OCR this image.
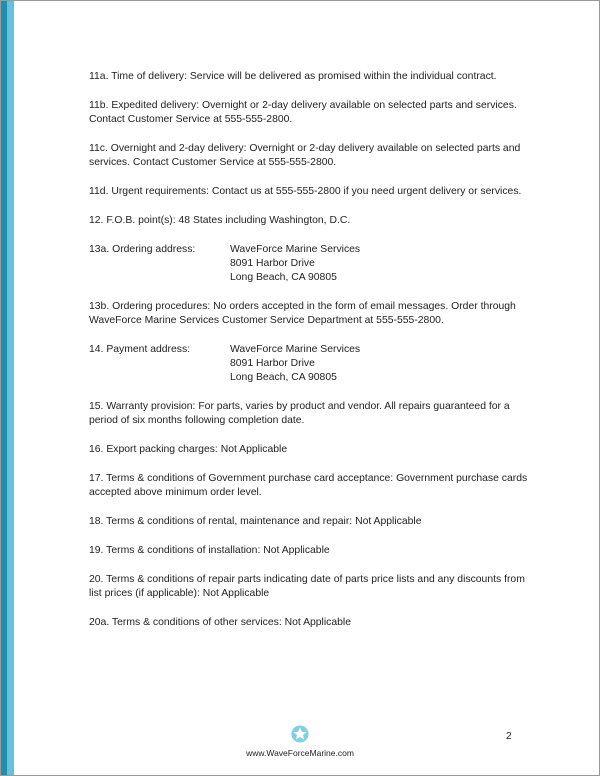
11a. Time of delivery: Service will be delivered as promised within the individual contract.

11b. Expedited delivery: Overnight or 2-day delivery available on selected parts and services. Contact Customer Service at 555-555-2800.

11c. Overnight and 2-day delivery: Overnight or 2-day delivery available on selected parts and services. Contact Customer Service at 555-555-2800.

11d. Urgent requirements: Contact us at 555-555-2800 if you need urgent delivery or services.

12. F.O.B. point(s): 48 States including Washington, D.C.

13a. Ordering address:	WaveForce Marine Services
8091 Harbor Drive
Long Beach, CA 90805

13b. Ordering procedures: No orders accepted in the form of email messages. Order through WaveForce Marine Services Customer Service Department at 555-555-2800.

14. Payment address:	WaveForce Marine Services
8091 Harbor Drive
Long Beach, CA 90805

15. Warranty provision: For parts, varies by product and vendor. All repairs guaranteed for a period of six months following completion date.

16. Export packing charges: Not Applicable

17. Terms & conditions of Government purchase card acceptance: Government purchase cards accepted above minimum order level.

18. Terms & conditions of rental, maintenance and repair: Not Applicable

19. Terms & conditions of installation: Not Applicable

20. Terms & conditions of repair parts indicating date of parts price lists and any discounts from list prices (if applicable): Not Applicable

20a. Terms & conditions of other services: Not Applicable

2
www.WaveForceMarine.com
